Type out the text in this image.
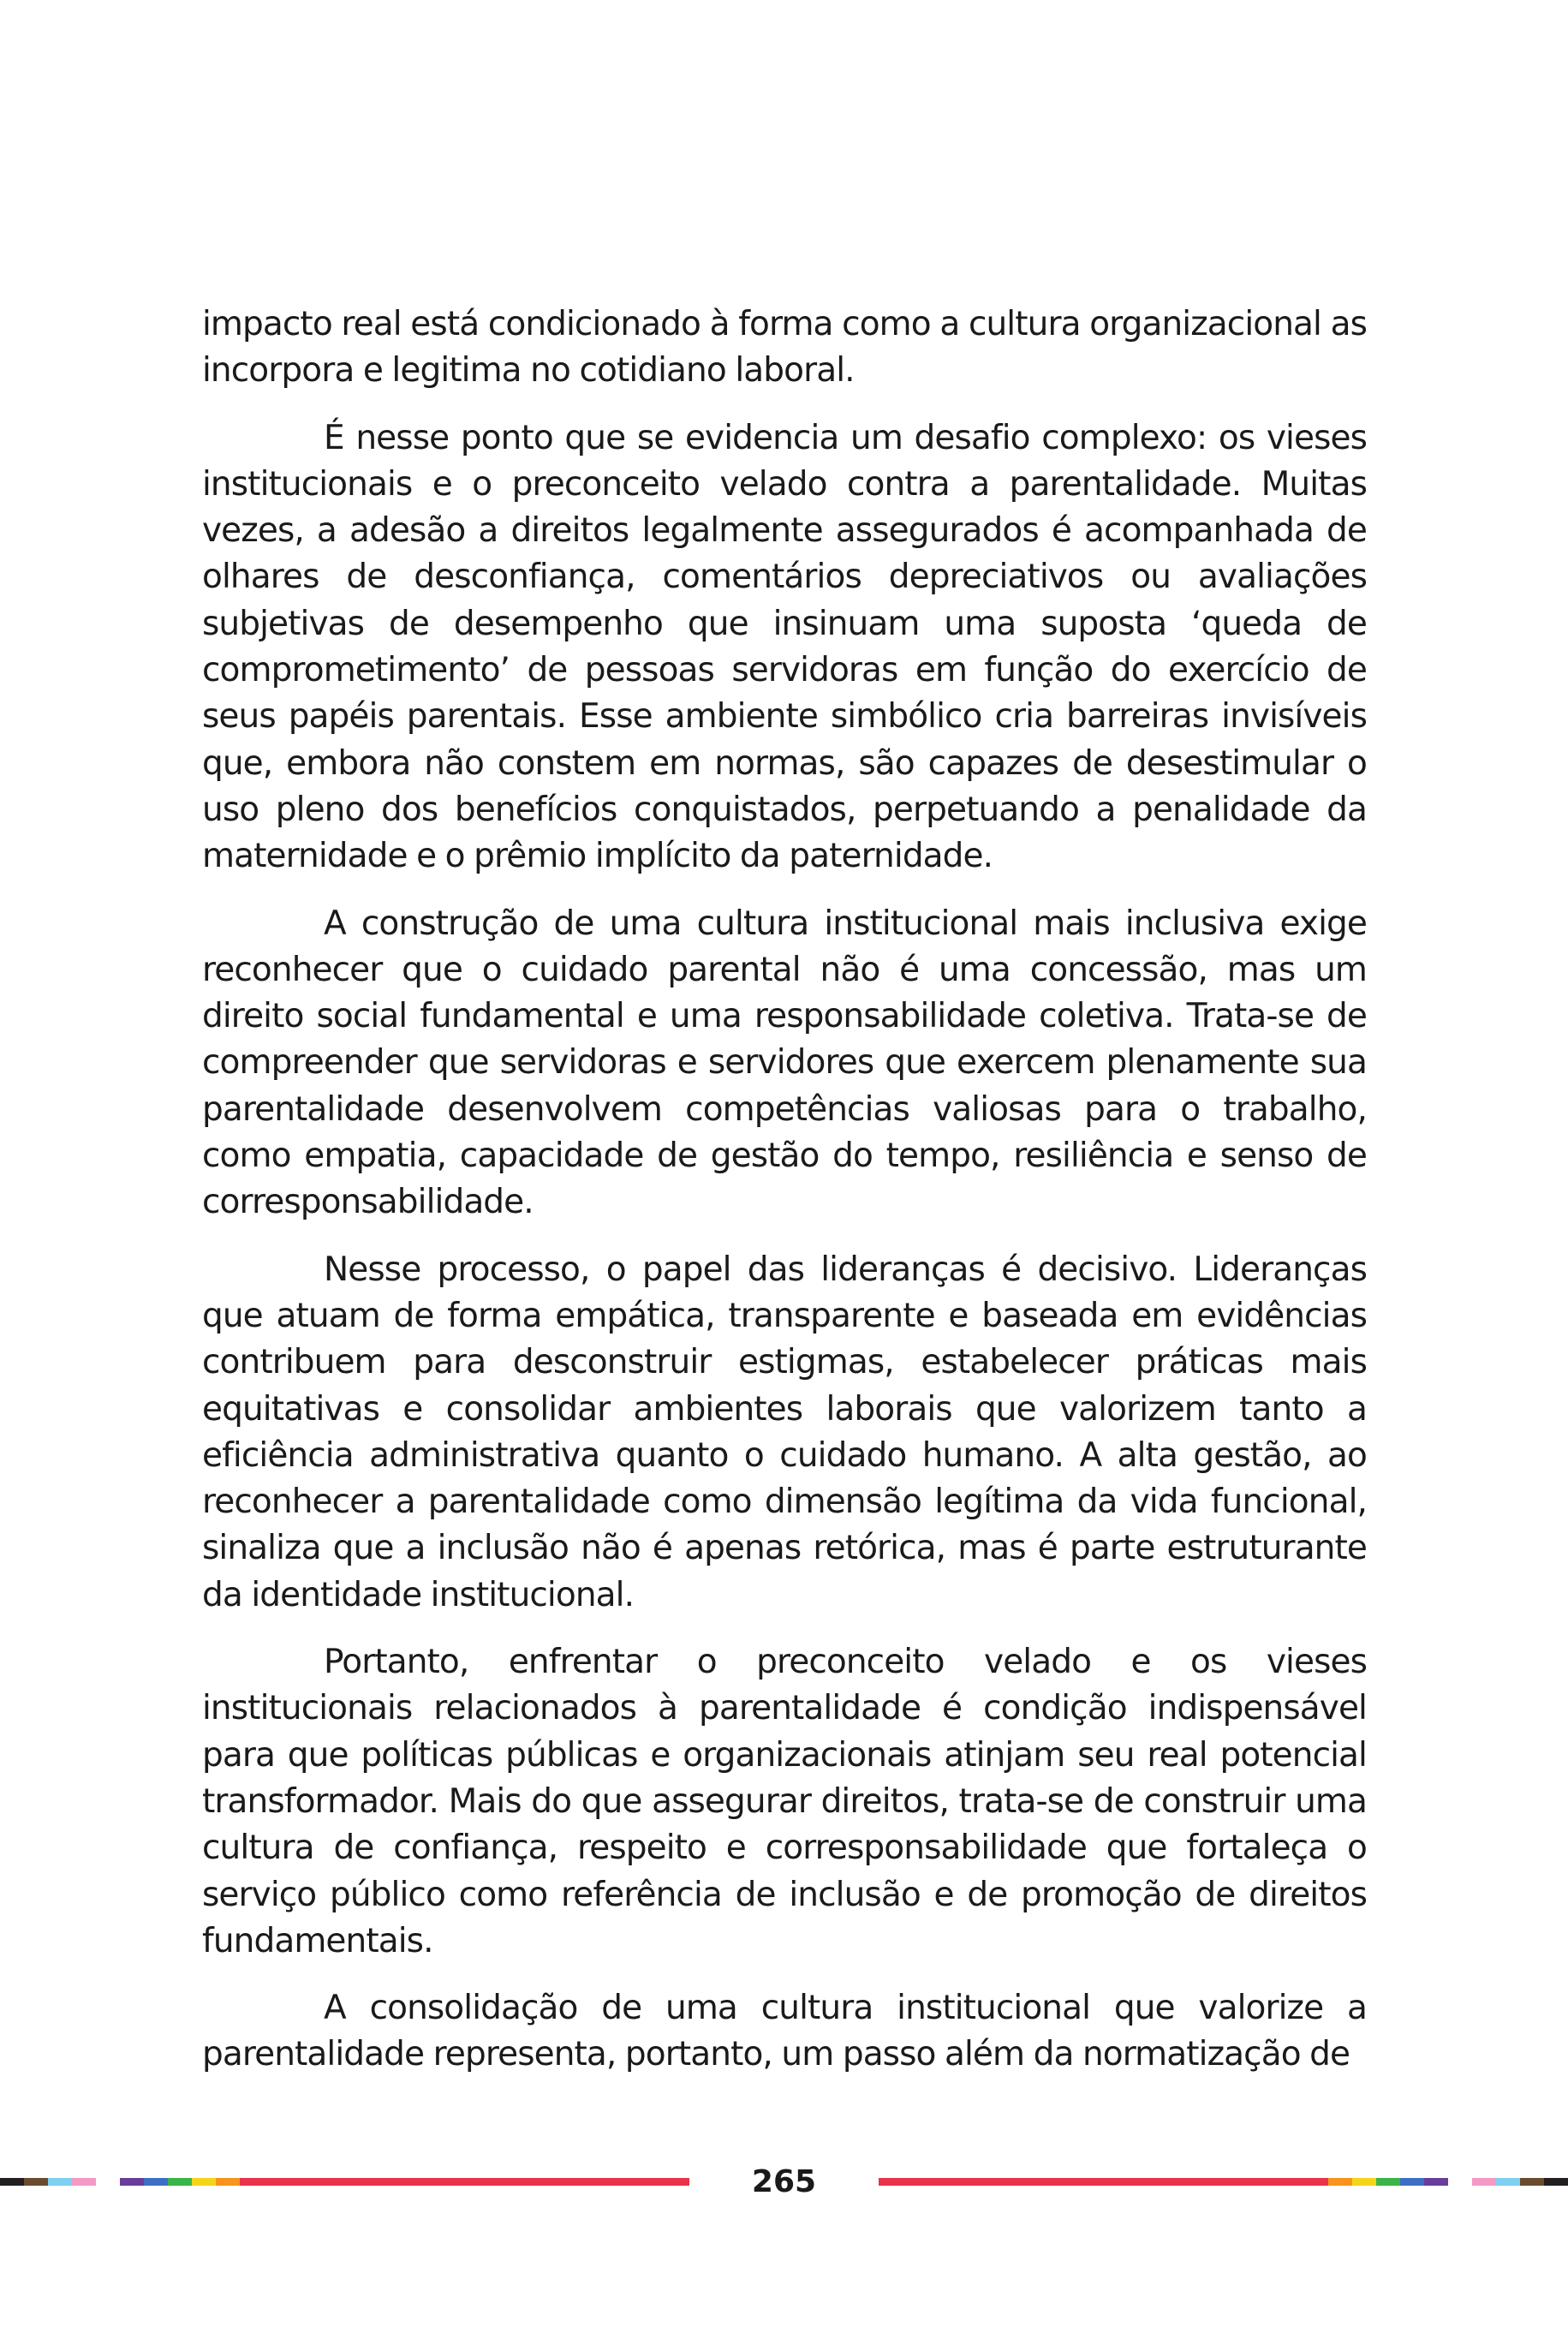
impacto real está condicionado à forma como a cultura organizacional as incorpora e legitima no cotidiano laboral.

É nesse ponto que se evidencia um desafio complexo: os vieses institucionais e o preconceito velado contra a parentalidade. Muitas vezes, a adesão a direitos legalmente assegurados é acompanhada de olhares de desconfiança, comentários depreciativos ou avaliações subjetivas de desempenho que insinuam uma suposta ‘queda de comprometimento’ de pessoas servidoras em função do exercício de seus papéis parentais. Esse ambiente simbólico cria barreiras invisíveis que, embora não constem em normas, são capazes de desestimular o uso pleno dos benefícios conquistados, perpetuando a penalidade da maternidade e o prêmio implícito da paternidade.

A construção de uma cultura institucional mais inclusiva exige reconhecer que o cuidado parental não é uma concessão, mas um direito social fundamental e uma responsabilidade coletiva. Trata-se de compreender que servidoras e servidores que exercem plenamente sua parentalidade desenvolvem competências valiosas para o trabalho, como empatia, capacidade de gestão do tempo, resiliência e senso de corresponsabilidade.

Nesse processo, o papel das lideranças é decisivo. Lideranças que atuam de forma empática, transparente e baseada em evidências contribuem para desconstruir estigmas, estabelecer práticas mais equitativas e consolidar ambientes laborais que valorizem tanto a eficiência administrativa quanto o cuidado humano. A alta gestão, ao reconhecer a parentalidade como dimensão legítima da vida funcional, sinaliza que a inclusão não é apenas retórica, mas é parte estruturante da identidade institucional.

Portanto, enfrentar o preconceito velado e os vieses institucionais relacionados à parentalidade é condição indispensável para que políticas públicas e organizacionais atinjam seu real potencial transformador. Mais do que assegurar direitos, trata-se de construir uma cultura de confiança, respeito e corresponsabilidade que fortaleça o serviço público como referência de inclusão e de promoção de direitos fundamentais.

A consolidação de uma cultura institucional que valorize a parentalidade representa, portanto, um passo além da normatização de

265
